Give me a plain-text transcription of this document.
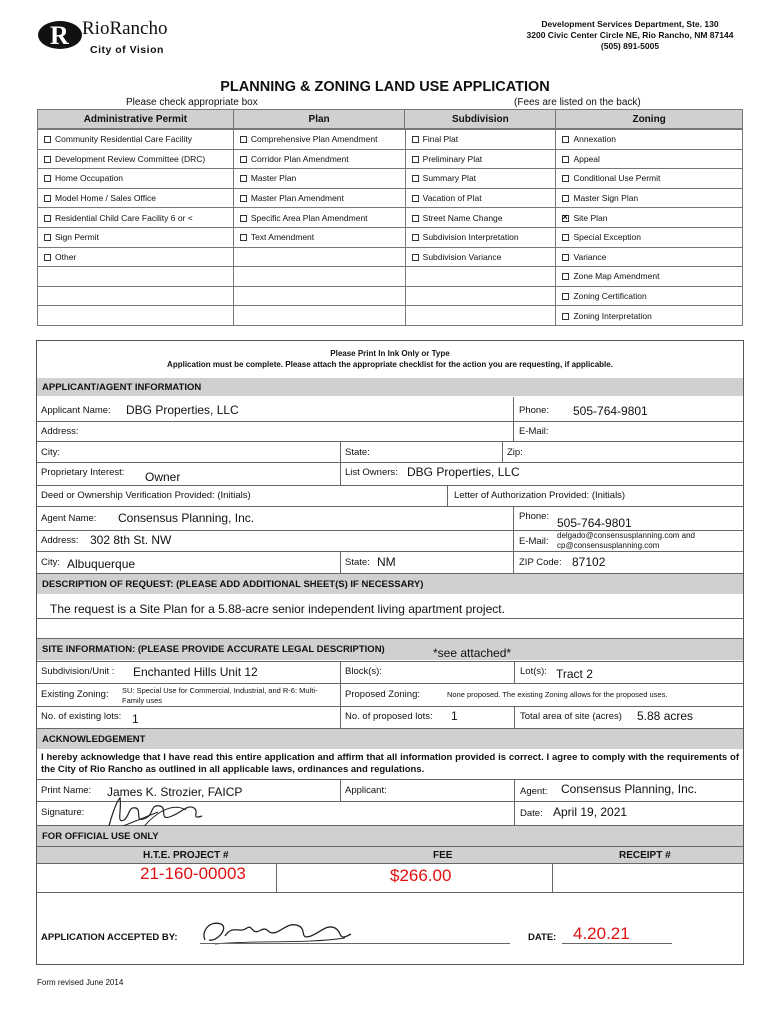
R RioRancho
City of Vision
Development Services Department, Ste. 130
3200 Civic Center Circle NE, Rio Rancho, NM 87144
(505) 891-5005
PLANNING & ZONING LAND USE APPLICATION
Please check appropriate box	(Fees are listed on the back)
Administrative Permit	Plan	Subdivision	Zoning
Community Residential Care Facility	Comprehensive Plan Amendment	Final Plat	Annexation
Development Review Committee (DRC)	Corridor Plan Amendment	Preliminary Plat	Appeal
Home Occupation	Master Plan	Summary Plat	Conditional Use Permit
Model Home / Sales Office	Master Plan Amendment	Vacation of Plat	Master Sign Plan
Residential Child Care Facility 6 or <	Specific Area Plan Amendment	Street Name Change	×Site Plan
Sign Permit	Text Amendment	Subdivision Interpretation	Special Exception
Other		Subdivision Variance	Variance
			Zone Map Amendment
			Zoning Certification
			Zoning Interpretation
Please Print In Ink Only or Type
Application must be complete. Please attach the appropriate checklist for the action you are requesting, if applicable.
APPLICANT/AGENT INFORMATION
Applicant Name: DBG Properties, LLC	Phone: 505-764-9801
Address:	E-Mail:
City:	State:	Zip:
Proprietary Interest: Owner	List Owners: DBG Properties, LLC
Deed or Ownership Verification Provided: (Initials)	Letter of Authorization Provided: (Initials)
Agent Name: Consensus Planning, Inc.	Phone: 505-764-9801
Address: 302 8th St. NW	E-Mail:
delgado@consensusplanning.com and
cp@consensusplanning.com
City: Albuquerque	State: NM	ZIP Code: 87102
DESCRIPTION OF REQUEST: (PLEASE ADD ADDITIONAL SHEET(S) IF NECESSARY)
The request is a Site Plan for a 5.88-acre senior independent living apartment project.
SITE INFORMATION: (PLEASE PROVIDE ACCURATE LEGAL DESCRIPTION)	*see attached*
Subdivision/Unit : Enchanted Hills Unit 12	Block(s):	Lot(s): Tract 2
Existing Zoning: SU: Special Use for Commercial, Industrial, and R-6: Multi-Family uses	Proposed Zoning:	None proposed. The existing Zoning allows for the proposed uses.
No. of existing lots: 1	No. of proposed lots: 1	Total area of site (acres) 5.88 acres
ACKNOWLEDGEMENT
I hereby acknowledge that I have read this entire application and affirm that all information provided is correct. I agree to comply with the requirements of the City of Rio Rancho as outlined in all applicable laws, ordinances and regulations.
Print Name: James K. Strozier, FAICP	Applicant:	Agent: Consensus Planning, Inc.
Signature:	Date: April 19, 2021
FOR OFFICIAL USE ONLY
H.T.E. PROJECT #	FEE	RECEIPT #
21-160-00003	$266.00
APPLICATION ACCEPTED BY:	DATE: 4.20.21
Form revised June 2014
